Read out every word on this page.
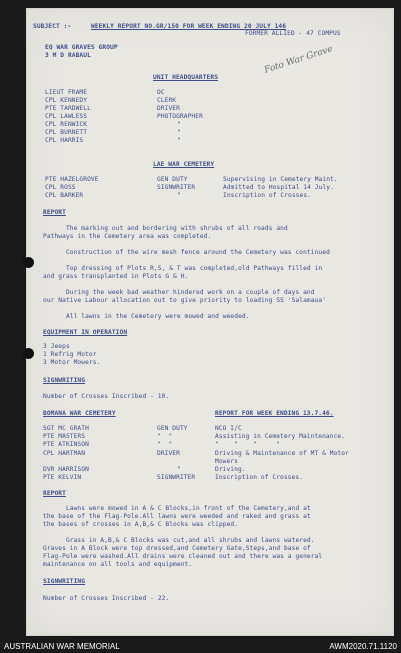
SUBJECT :-	WEEKLY REPORT NO.GR/150 FOR WEEK ENDING 20 JULY 146
FORMER ALLIED - 47 COMPUS
Foto War Grave
EQ WAR GRAVES GROUP
3 M D RABAUL
UNIT HEADQUARTERS
LIEUT FRAME	OC
CPL KENNEDY	CLERK
PTE TARDWELL	DRIVER
CPL LAWLESS	PHOTOGRAPHER
CPL RENWICK	"
CPL BURNETT	"
CPL HARRIS	"
LAE WAR CEMETERY
PTE HAZELGROVE	GEN DUTY	Supervising in Cemetery Maint.
CPL ROSS	SIGNWRITER	Admitted to Hospital 14 July.
CPL BARKER	"	Inscription of Crosses.
REPORT
The marking out and bordering with shrubs of all roads and
Pathways in the Cemetery area was completed.
Construction of the wire mesh fence around the Cemetery was continued
Top dressing of Plots R,S, & T was completed,old Pathways filled in
and grass transplanted in Plots G & H.
During the week bad weather hindered work on a couple of days and
our Native Labour allocation out to give priority to loading SS 'Salamaua'
All lawns in the Cemetery were mowed and weeded.
EQUIPMENT IN OPERATION
3 Jeeps
1 Refrig Motor
3 Motor Mowers.
SIGNWRITING
Number of Crosses Inscribed - 10.
BOMANA WAR CEMETERY	REPORT FOR WEEK ENDING 13.7.46.
SGT MC GRATH	GEN DUTY	NCO I/C
PTE MASTERS	"  "	Assisting in Cemetery Maintenance.
PTE ATKINSON	"  "	"    "    "     "
CPL HARTMAN	DRIVER	Driving & Maintenance of MT & Motor
Mowers
DVR HARRISON	"	Driving.
PTE KELVIN	SIGNWRITER	Inscription of Crosses.
REPORT
Lawns were mowed in A & C Blocks,in front of the Cemetery,and at
the base of the Flag-Pole.All lawns were weeded and raked and grass at
the bases of crosses in A,B,& C Blocks was clipped.
Grass in A,B,& C Blocks was cut,and all shrubs and lawns watered.
Graves in A Block were top dressed,and Cemetery Gate,Steps,and base of
Flag-Pole were washed.All drains were cleaned out and there was a general
maintenance on all tools and equipment.
SIGNWRITING
Number of Crosses Inscribed - 22.
AUSTRALIAN WAR MEMORIAL	AWM2020.71.1120
